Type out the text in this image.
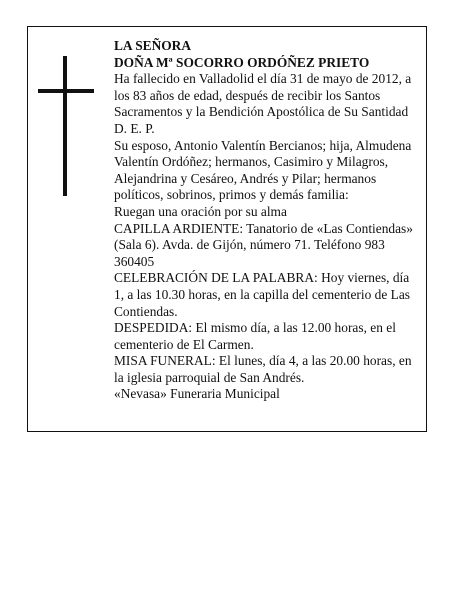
LA SEÑORA

DOÑA Mª SOCORRO ORDÓÑEZ PRIETO

Ha fallecido en Valladolid el día 31 de mayo de 2012, a los 83 años de edad, después de recibir los Santos Sacramentos y la Bendición Apostólica de Su Santidad D. E. P.

Su esposo, Antonio Valentín Bercianos; hija, Almudena Valentín Ordóñez; hermanos, Casimiro y Milagros, Alejandrina y Cesáreo, Andrés y Pilar; hermanos políticos, sobrinos, primos y demás familia:

Ruegan una oración por su alma

CAPILLA ARDIENTE: Tanatorio de «Las Contiendas» (Sala 6). Avda. de Gijón, número 71. Teléfono 983 360405

CELEBRACIÓN DE LA PALABRA: Hoy viernes, día 1, a las 10.30 horas, en la capilla del cementerio de Las Contiendas.

DESPEDIDA: El mismo día, a las 12.00 horas, en el cementerio de El Carmen.

MISA FUNERAL: El lunes, día 4, a las 20.00 horas, en la iglesia parroquial de San Andrés.

«Nevasa» Funeraria Municipal
